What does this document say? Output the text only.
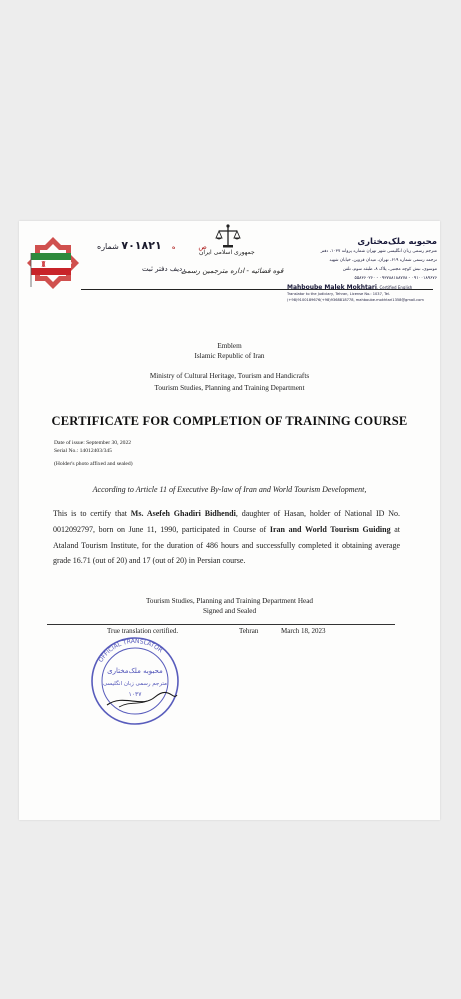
ص         ه    ۷۰۱۸۲۱ شماره
ردیف دفتر ثبت
جمهوری اسلامی ایران
قوه قضائیه - اداره مترجمین رسمی
محبوبه ملک‌مختاری
مترجم رسمی زبان انگلیسی شهر تهران شماره پروانه ۱۰۳۷، دفتر
ترجمه رسمی شماره ۶۱۹، تهران، میدان قزوین، خیابان شهید
موسوی، نبش کوچه مجتبی، پلاک ۸، طبقه سوم، تلفن
۰۹۱۰۰۱۸۹۶۷۶ - ۰۹۳۷۸۸۱۸۸۷۷۸ - ۵۵۸۳۶۰۲۶۰
Mahboube Malek Mokhtari, Certified English
Translator to the Judiciary, Tehran, License No.: 1037, Tel.
(+98)9100189676(+98)9368818778, mahboube.mokhtari1358@gmail.com
Emblem
Islamic Republic of Iran
Ministry of Cultural Heritage, Tourism and Handicrafts
Tourism Studies, Planning and Training Department
CERTIFICATE FOR COMPLETION OF TRAINING COURSE
Date of issue: September 30, 2022
Serial No.: 14012403/345
(Holder's photo affixed and sealed)
According to Article 11 of Executive By-law of Iran and World Tourism Development,
This is to certify that Ms. Asefeh Ghadiri Bidhendi, daughter of Hasan, holder of National ID No. 0012092797, born on June 11, 1990, participated in Course of Iran and World Tourism Guiding at Ataland Tourism Institute, for the duration of 486 hours and successfully completed it obtaining average grade 16.71 (out of 20) and 17 (out of 20) in Persian course.
Tourism Studies, Planning and Training Department Head
Signed and Sealed
True translation certified.	Tehran	March 18, 2023
OFFICIAL TRANSLATOR
محبوبه ملک‌مختاری
مترجم رسمی زبان انگلیسی
۱۰۳۷
